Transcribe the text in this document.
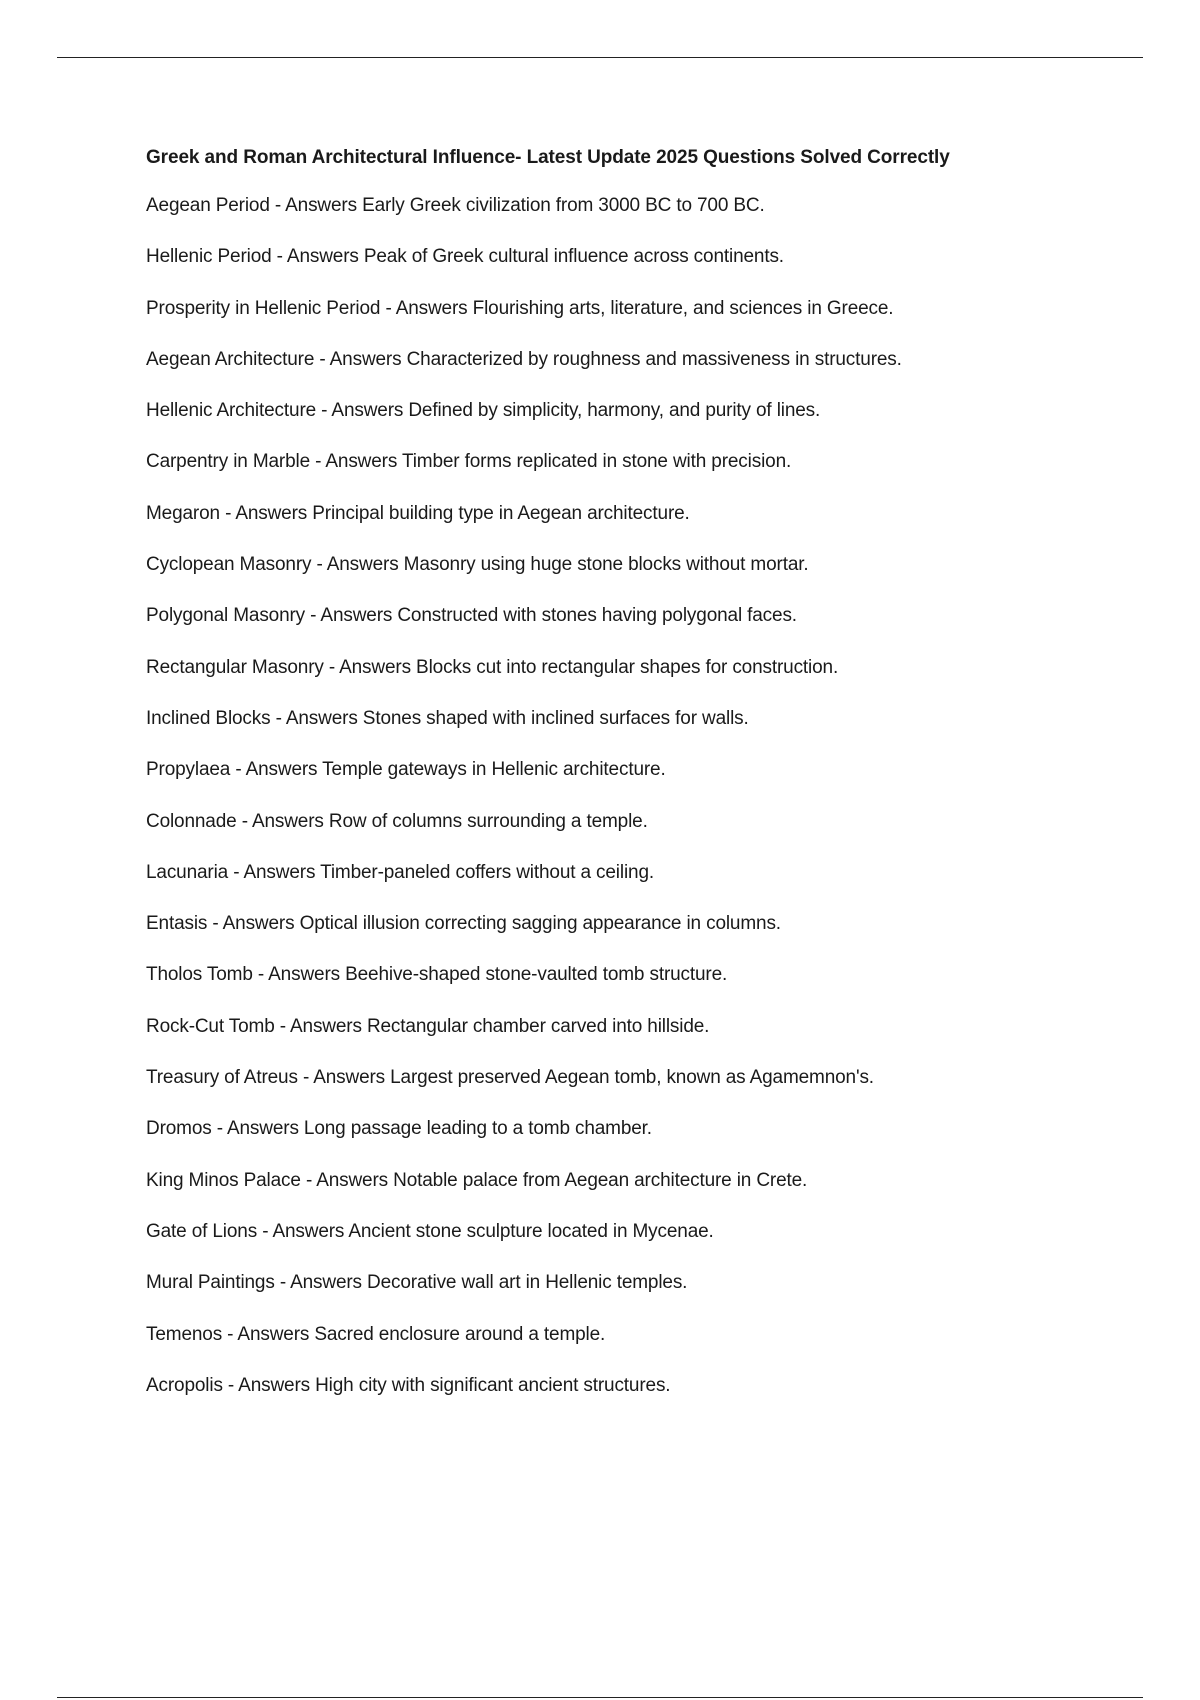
Greek and Roman Architectural Influence- Latest Update 2025 Questions Solved Correctly
Aegean Period - Answers Early Greek civilization from 3000 BC to 700 BC.
Hellenic Period - Answers Peak of Greek cultural influence across continents.
Prosperity in Hellenic Period - Answers Flourishing arts, literature, and sciences in Greece.
Aegean Architecture - Answers Characterized by roughness and massiveness in structures.
Hellenic Architecture - Answers Defined by simplicity, harmony, and purity of lines.
Carpentry in Marble - Answers Timber forms replicated in stone with precision.
Megaron - Answers Principal building type in Aegean architecture.
Cyclopean Masonry - Answers Masonry using huge stone blocks without mortar.
Polygonal Masonry - Answers Constructed with stones having polygonal faces.
Rectangular Masonry - Answers Blocks cut into rectangular shapes for construction.
Inclined Blocks - Answers Stones shaped with inclined surfaces for walls.
Propylaea - Answers Temple gateways in Hellenic architecture.
Colonnade - Answers Row of columns surrounding a temple.
Lacunaria - Answers Timber-paneled coffers without a ceiling.
Entasis - Answers Optical illusion correcting sagging appearance in columns.
Tholos Tomb - Answers Beehive-shaped stone-vaulted tomb structure.
Rock-Cut Tomb - Answers Rectangular chamber carved into hillside.
Treasury of Atreus - Answers Largest preserved Aegean tomb, known as Agamemnon's.
Dromos - Answers Long passage leading to a tomb chamber.
King Minos Palace - Answers Notable palace from Aegean architecture in Crete.
Gate of Lions - Answers Ancient stone sculpture located in Mycenae.
Mural Paintings - Answers Decorative wall art in Hellenic temples.
Temenos - Answers Sacred enclosure around a temple.
Acropolis - Answers High city with significant ancient structures.
